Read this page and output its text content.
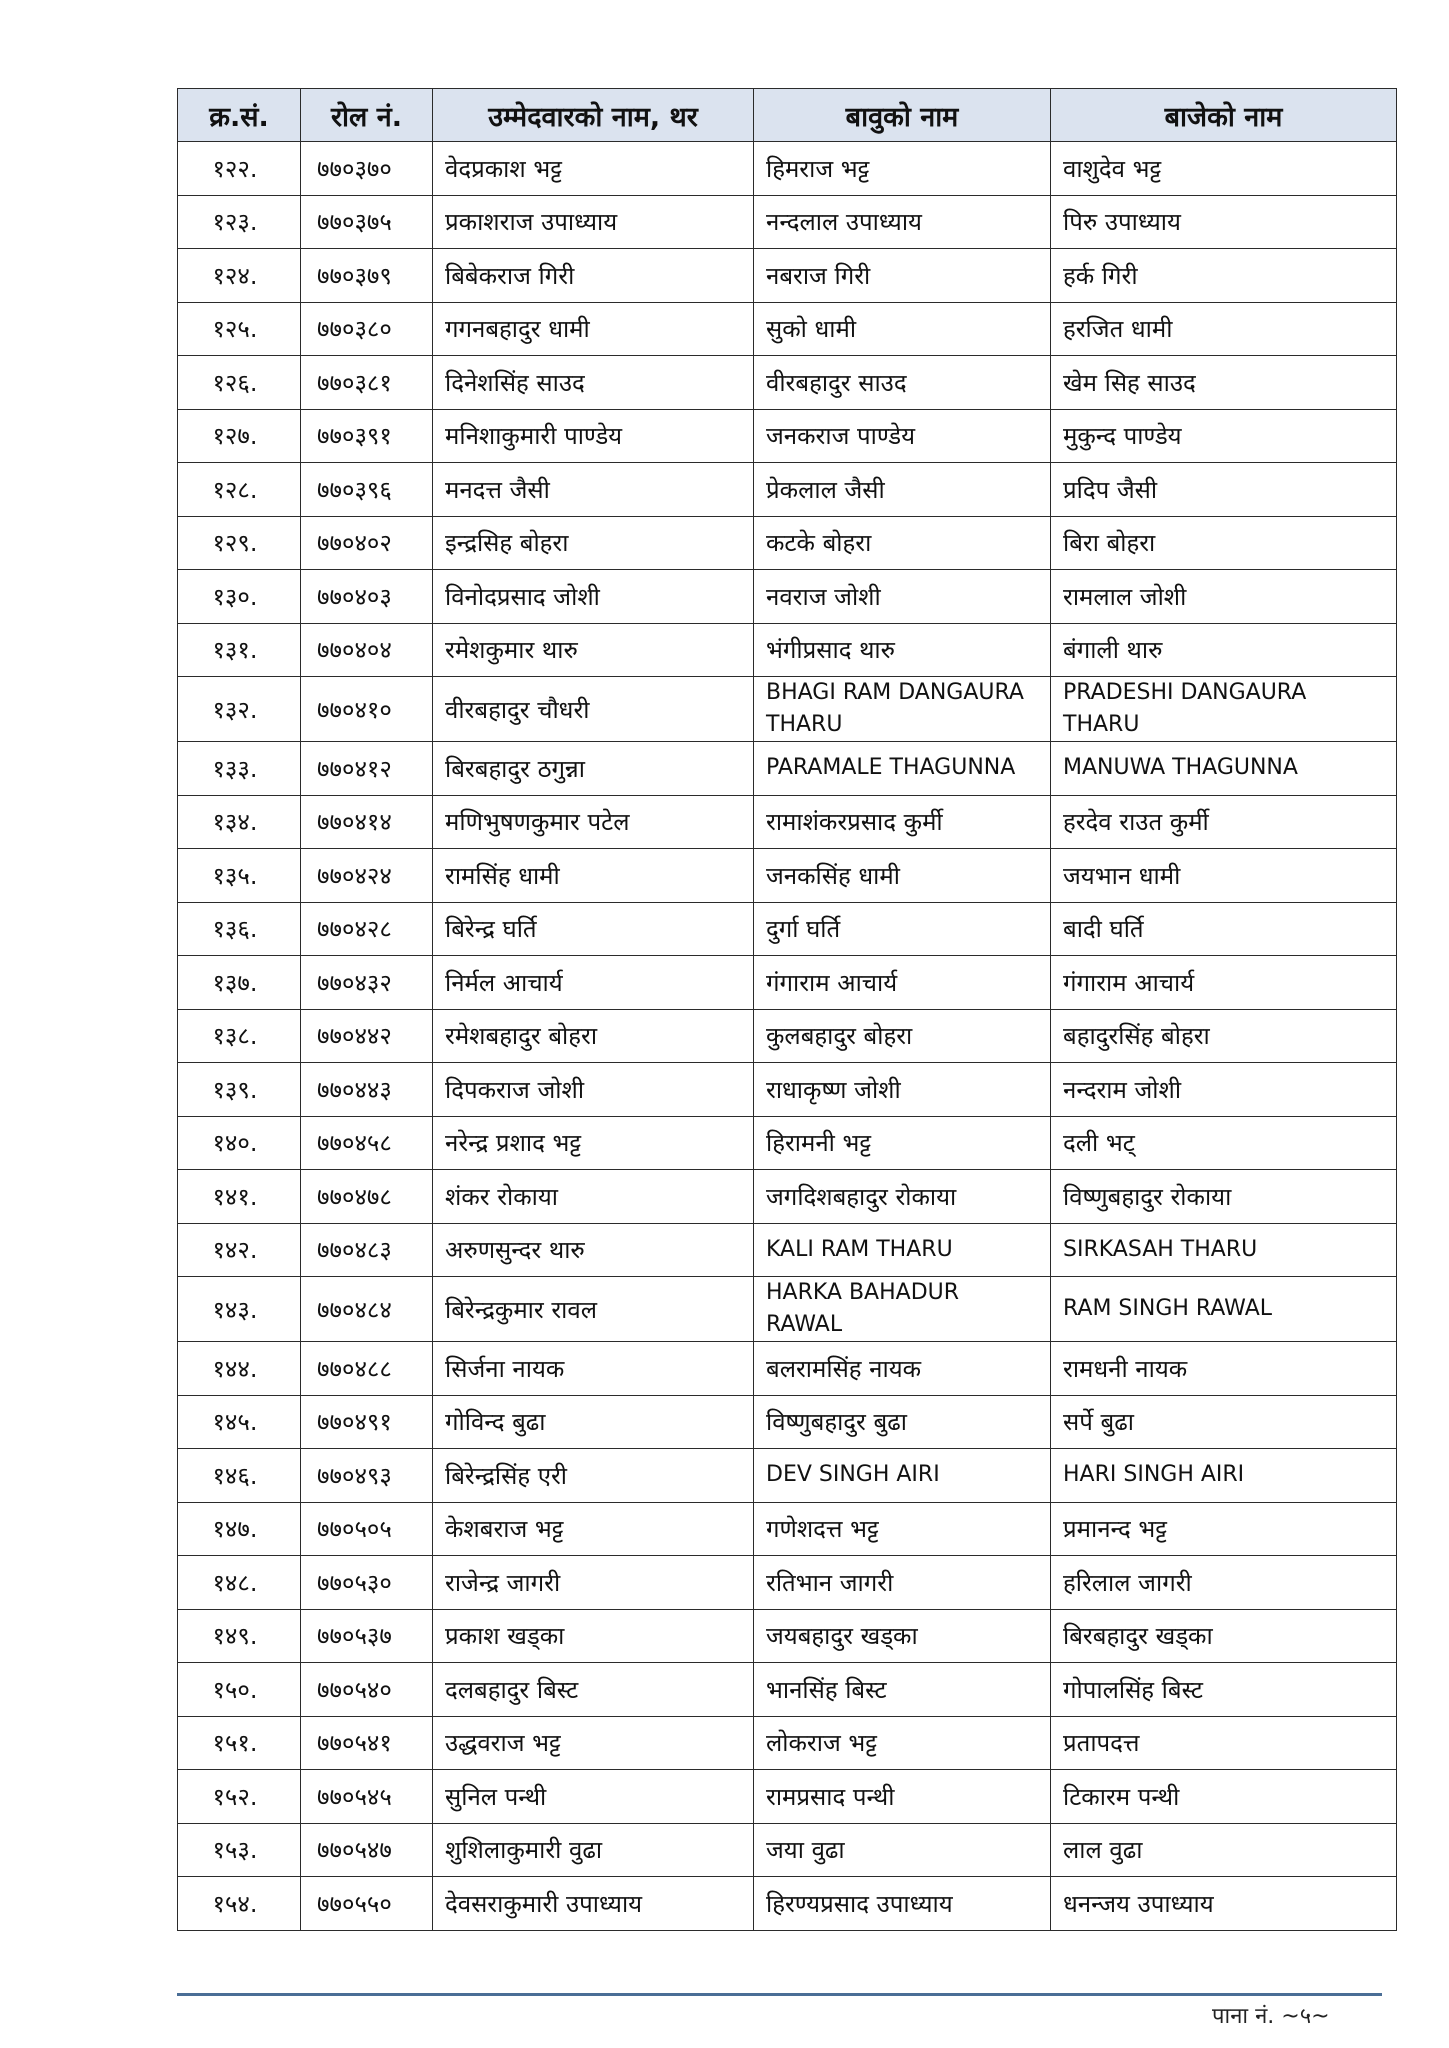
क्र.सं.	रोल नं.	उम्मेदवारको नाम, थर	बावुको नाम	बाजेको नाम
१२२.	७७०३७०	वेदप्रकाश भट्ट	हिमराज भट्ट	वाशुदेव भट्ट
१२३.	७७०३७५	प्रकाशराज उपाध्याय	नन्दलाल उपाध्याय	पिरु उपाध्याय
१२४.	७७०३७९	बिबेकराज गिरी	नबराज गिरी	हर्क गिरी
१२५.	७७०३८०	गगनबहादुर धामी	सुको धामी	हरजित धामी
१२६.	७७०३८१	दिनेशसिंह साउद	वीरबहादुर साउद	खेम सिह साउद
१२७.	७७०३९१	मनिशाकुमारी पाण्डेय	जनकराज पाण्डेय	मुकुन्द पाण्डेय
१२८.	७७०३९६	मनदत्त जैसी	प्रेकलाल जैसी	प्रदिप जैसी
१२९.	७७०४०२	इन्द्रसिह बोहरा	कटके बोहरा	बिरा बोहरा
१३०.	७७०४०३	विनोदप्रसाद जोशी	नवराज जोशी	रामलाल जोशी
१३१.	७७०४०४	रमेशकुमार थारु	भंगीप्रसाद थारु	बंगाली थारु
१३२.	७७०४१०	वीरबहादुर चौधरी	BHAGI RAM DANGAURA THARU	PRADESHI DANGAURA THARU
१३३.	७७०४१२	बिरबहादुर ठगुन्ना	PARAMALE THAGUNNA	MANUWA THAGUNNA
१३४.	७७०४१४	मणिभुषणकुमार पटेल	रामाशंकरप्रसाद कुर्मी	हरदेव राउत कुर्मी
१३५.	७७०४२४	रामसिंह धामी	जनकसिंह धामी	जयभान धामी
१३६.	७७०४२८	बिरेन्द्र घर्ति	दुर्गा घर्ति	बादी घर्ति
१३७.	७७०४३२	निर्मल आचार्य	गंगाराम आचार्य	गंगाराम आचार्य
१३८.	७७०४४२	रमेशबहादुर बोहरा	कुलबहादुर बोहरा	बहादुरसिंह बोहरा
१३९.	७७०४४३	दिपकराज जोशी	राधाकृष्ण जोशी	नन्दराम जोशी
१४०.	७७०४५८	नरेन्द्र प्रशाद भट्ट	हिरामनी भट्ट	दली भट्
१४१.	७७०४७८	शंकर रोकाया	जगदिशबहादुर रोकाया	विष्णुबहादुर रोकाया
१४२.	७७०४८३	अरुणसुन्दर थारु	KALI RAM THARU	SIRKASAH THARU
१४३.	७७०४८४	बिरेन्द्रकुमार रावल	HARKA BAHADUR RAWAL	RAM SINGH RAWAL
१४४.	७७०४८८	सिर्जना नायक	बलरामसिंह नायक	रामधनी नायक
१४५.	७७०४९१	गोविन्द बुढा	विष्णुबहादुर बुढा	सर्पे बुढा
१४६.	७७०४९३	बिरेन्द्रसिंह एरी	DEV SINGH AIRI	HARI SINGH AIRI
१४७.	७७०५०५	केशबराज भट्ट	गणेशदत्त भट्ट	प्रमानन्द भट्ट
१४८.	७७०५३०	राजेन्द्र जागरी	रतिभान जागरी	हरिलाल जागरी
१४९.	७७०५३७	प्रकाश खड्का	जयबहादुर खड्का	बिरबहादुर खड्का
१५०.	७७०५४०	दलबहादुर बिस्ट	भानसिंह बिस्ट	गोपालसिंह बिस्ट
१५१.	७७०५४१	उद्धवराज भट्ट	लोकराज भट्ट	प्रतापदत्त
१५२.	७७०५४५	सुनिल पन्थी	रामप्रसाद पन्थी	टिकारम पन्थी
१५३.	७७०५४७	शुशिलाकुमारी वुढा	जया वुढा	लाल वुढा
१५४.	७७०५५०	देवसराकुमारी उपाध्याय	हिरण्यप्रसाद उपाध्याय	धनन्जय उपाध्याय
पाना नं. ~५~
